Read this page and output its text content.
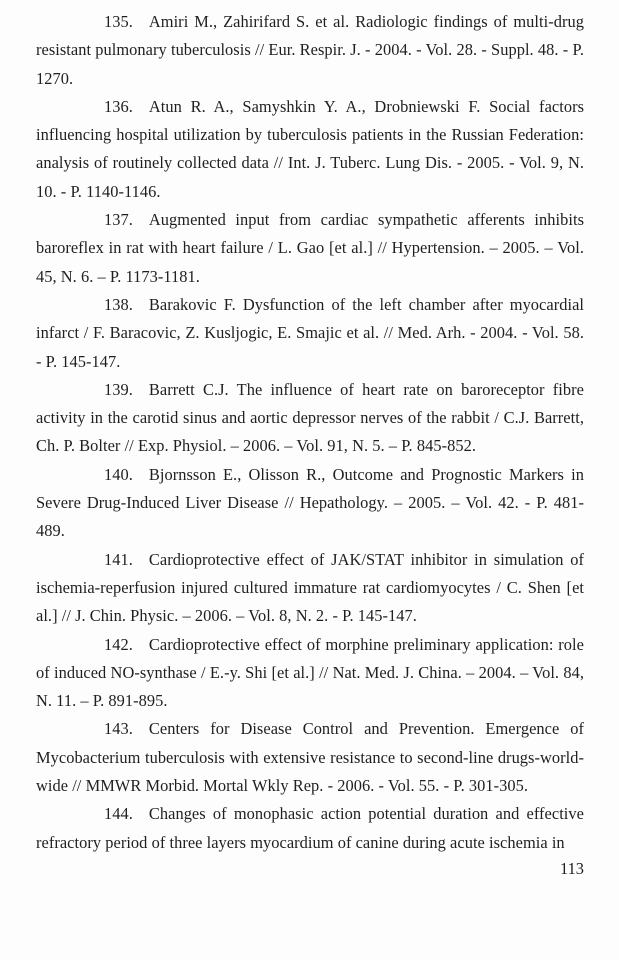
135. Amiri M., Zahirifard S. et al. Radiologic findings of multi-drug resistant pulmonary tuberculosis // Eur. Respir. J. - 2004. - Vol. 28. - Suppl. 48. - P. 1270.

136. Atun R. A., Samyshkin Y. A., Drobniewski F. Social factors influencing hospital utilization by tuberculosis patients in the Russian Federation: analysis of routinely collected data // Int. J. Tuberc. Lung Dis. - 2005. - Vol. 9, N. 10. - P. 1140-1146.

137. Augmented input from cardiac sympathetic afferents inhibits baroreflex in rat with heart failure / L. Gao [et al.] // Hypertension. – 2005. – Vol. 45, N. 6. – P. 1173-1181.

138. Barakovic F. Dysfunction of the left chamber after myocardial infarct / F. Baracovic, Z. Kusljogic, E. Smajic et al. // Med. Arh. - 2004. - Vol. 58. - P. 145-147.

139. Barrett C.J. The influence of heart rate on baroreceptor fibre activity in the carotid sinus and aortic depressor nerves of the rabbit / C.J. Barrett, Ch. P. Bolter // Exp. Physiol. – 2006. – Vol. 91, N. 5. – P. 845-852.

140. Bjornsson E., Olisson R., Outcome and Prognostic Markers in Severe Drug-Induced Liver Disease // Hepathology. – 2005. – Vol. 42. - P. 481-489.

141. Cardioprotective effect of JAK/STAT inhibitor in simulation of ischemia-reperfusion injured cultured immature rat cardiomyocytes / C. Shen [et al.] // J. Chin. Physic. – 2006. – Vol. 8, N. 2. - P. 145-147.

142. Cardioprotective effect of morphine preliminary application: role of induced NO-synthase / E.-y. Shi [et al.] // Nat. Med. J. China. – 2004. – Vol. 84, N. 11. – P. 891-895.

143. Centers for Disease Control and Prevention. Emergence of Mycobacterium tuberculosis with extensive resistance to second-line drugs-world-wide // MMWR Morbid. Mortal Wkly Rep. - 2006. - Vol. 55. - P. 301-305.

144. Changes of monophasic action potential duration and effective refractory period of three layers myocardium of canine during acute ischemia in

113
